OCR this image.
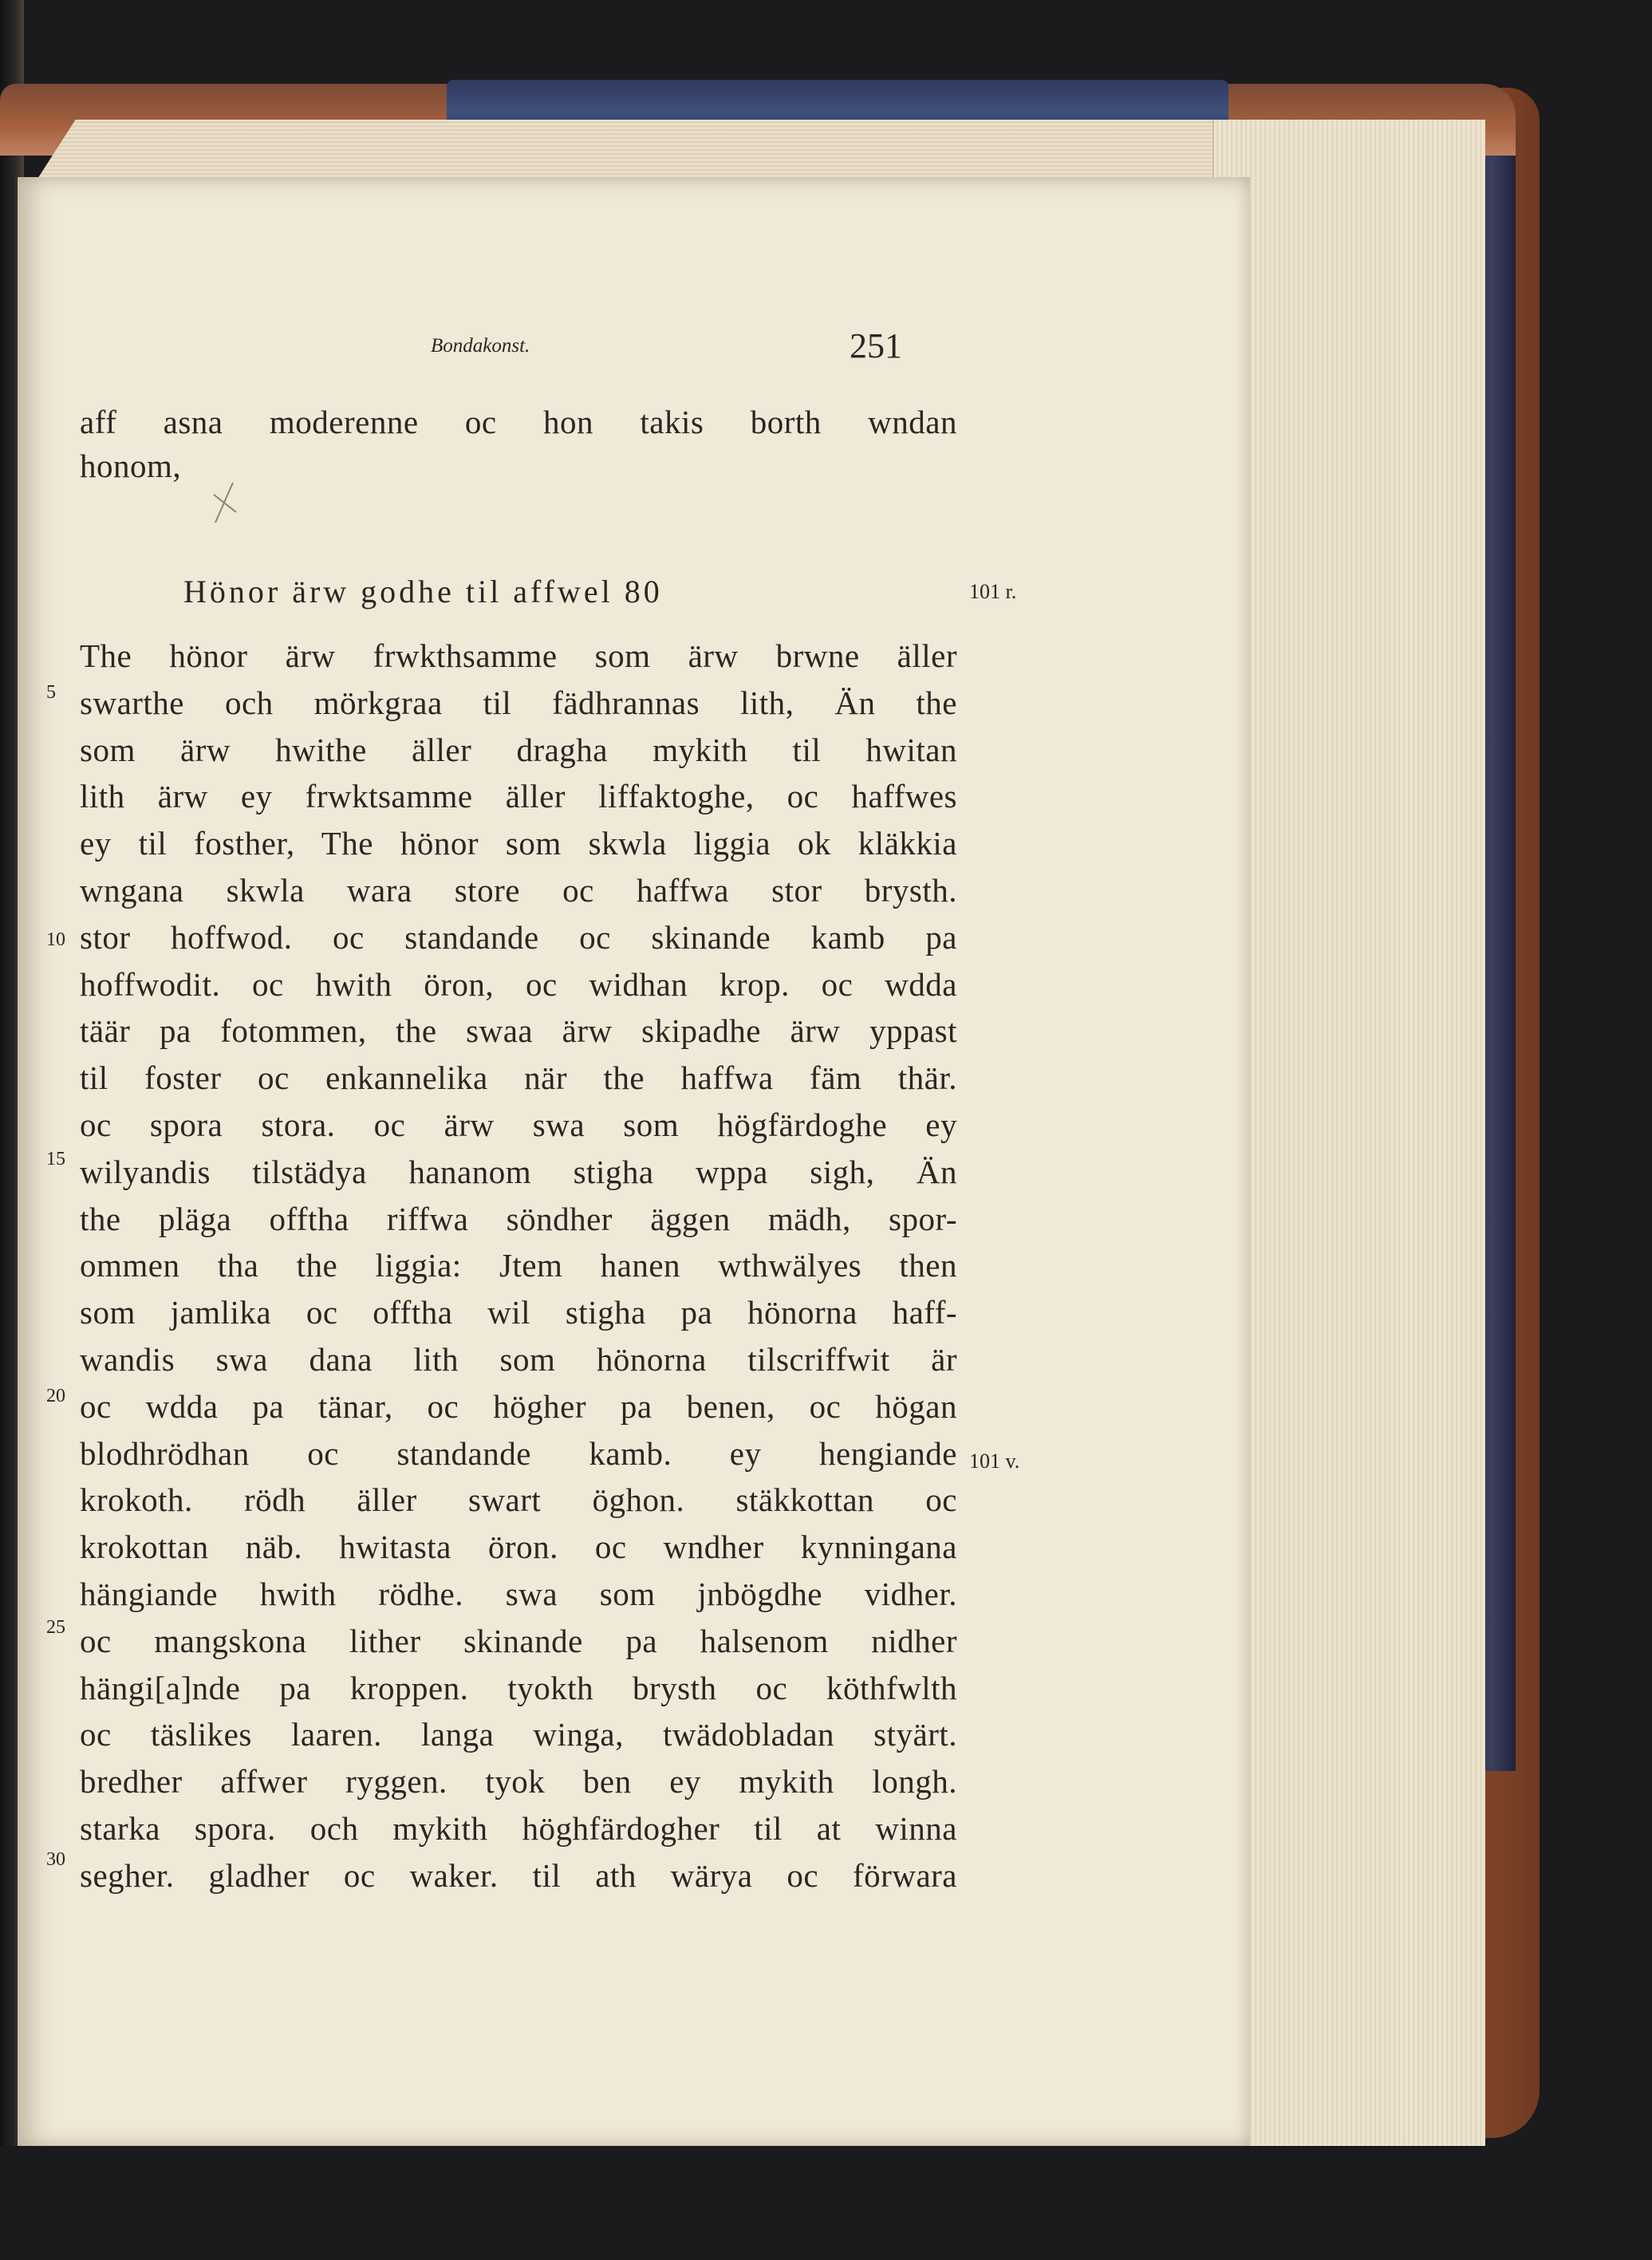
Bondakonst.	251
aff asna moderenne oc hon takis borth wndan
honom,
Hönor ärw godhe til affwel 80	101 r.
The hönor ärw frwkthsamme som ärw brwne äller
swarthe och mörkgraa til fädhrannas lith, Än the
som ärw hwithe äller dragha mykith til hwitan
lith ärw ey frwktsamme äller liffaktoghe, oc haffwes
ey til fosther, The hönor som skwla liggia ok kläkkia
wngana skwla wara store oc haffwa stor brysth.
stor hoffwod. oc standande oc skinande kamb pa
hoffwodit. oc hwith öron, oc widhan krop. oc wdda
täär pa fotommen, the swaa ärw skipadhe ärw yppast
til foster oc enkannelika när the haffwa fäm thär.
oc spora stora. oc ärw swa som högfärdoghe ey
wilyandis tilstädya hananom stigha wppa sigh, Än
the pläga offtha riffwa söndher äggen mädh, spor-
ommen tha the liggia: Jtem hanen wthwälyes then
som jamlika oc offtha wil stigha pa hönorna haff-
wandis swa dana lith som hönorna tilscriffwit är
oc wdda pa tänar, oc högher pa benen, oc högan
blodhrödhan oc standande kamb. ey hengiande
krokoth. rödh äller swart öghon. stäkkottan oc
krokottan näb. hwitasta öron. oc wndher kynningana
hängiande hwith rödhe. swa som jnbögdhe vidher.
oc mangskona lither skinande pa halsenom nidher
hängi[a]nde pa kroppen. tyokth brysth oc köthfwlth
oc täslikes laaren. langa winga, twädobladan styärt.
bredher affwer ryggen. tyok ben ey mykith longh.
starka spora. och mykith höghfärdogher til at winna
segher. gladher oc waker. til ath wärya oc förwara
5
10
15
20
25
30
101 v.
